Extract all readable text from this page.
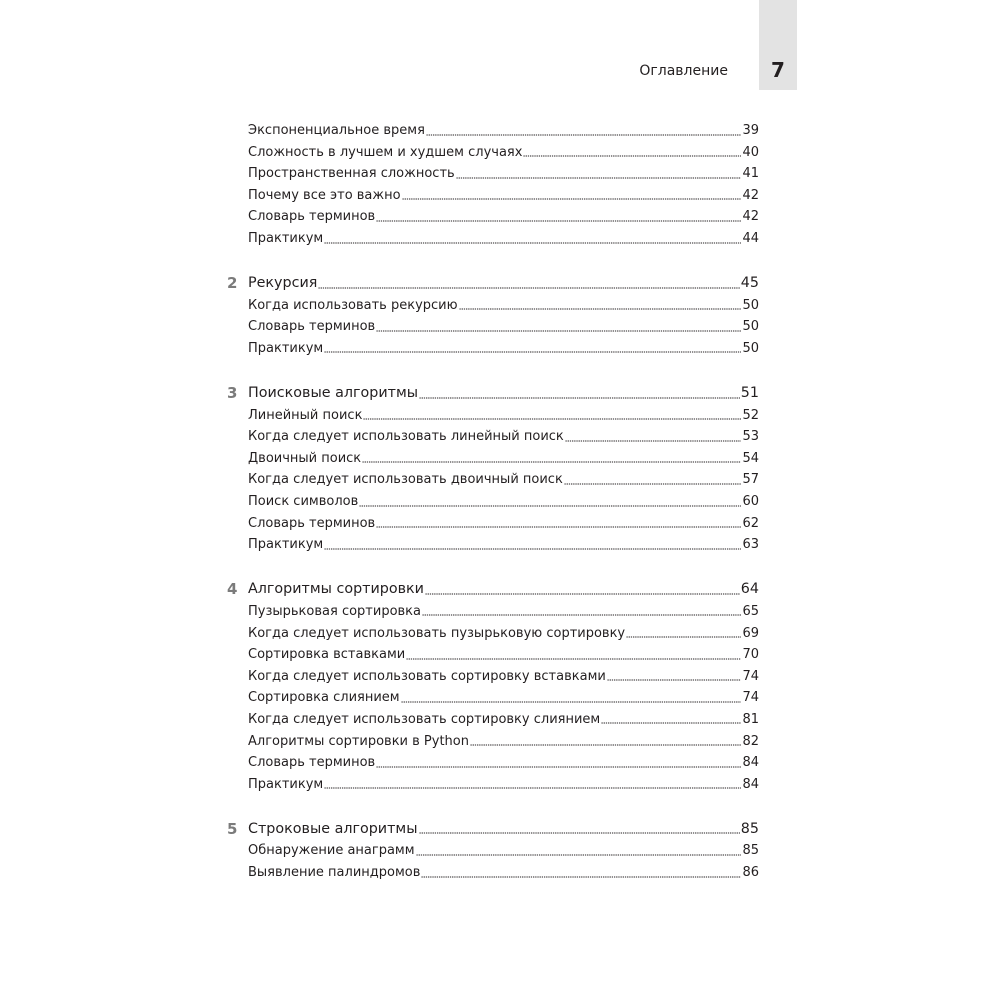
7
Оглавление
Экспоненциальное время	39
Сложность в лучшем и худшем случаях	40
Пространственная сложность	41
Почему все это важно	42
Словарь терминов	42
Практикум	44
2 Рекурсия	45
Когда использовать рекурсию	50
Словарь терминов	50
Практикум	50
3 Поисковые алгоритмы	51
Линейный поиск	52
Когда следует использовать линейный поиск	53
Двоичный поиск	54
Когда следует использовать двоичный поиск	57
Поиск символов	60
Словарь терминов	62
Практикум	63
4 Алгоритмы сортировки	64
Пузырьковая сортировка	65
Когда следует использовать пузырьковую сортировку	69
Сортировка вставками	70
Когда следует использовать сортировку вставками	74
Сортировка слиянием	74
Когда следует использовать сортировку слиянием	81
Алгоритмы сортировки в Python	82
Словарь терминов	84
Практикум	84
5 Строковые алгоритмы	85
Обнаружение анаграмм	85
Выявление палиндромов	86
